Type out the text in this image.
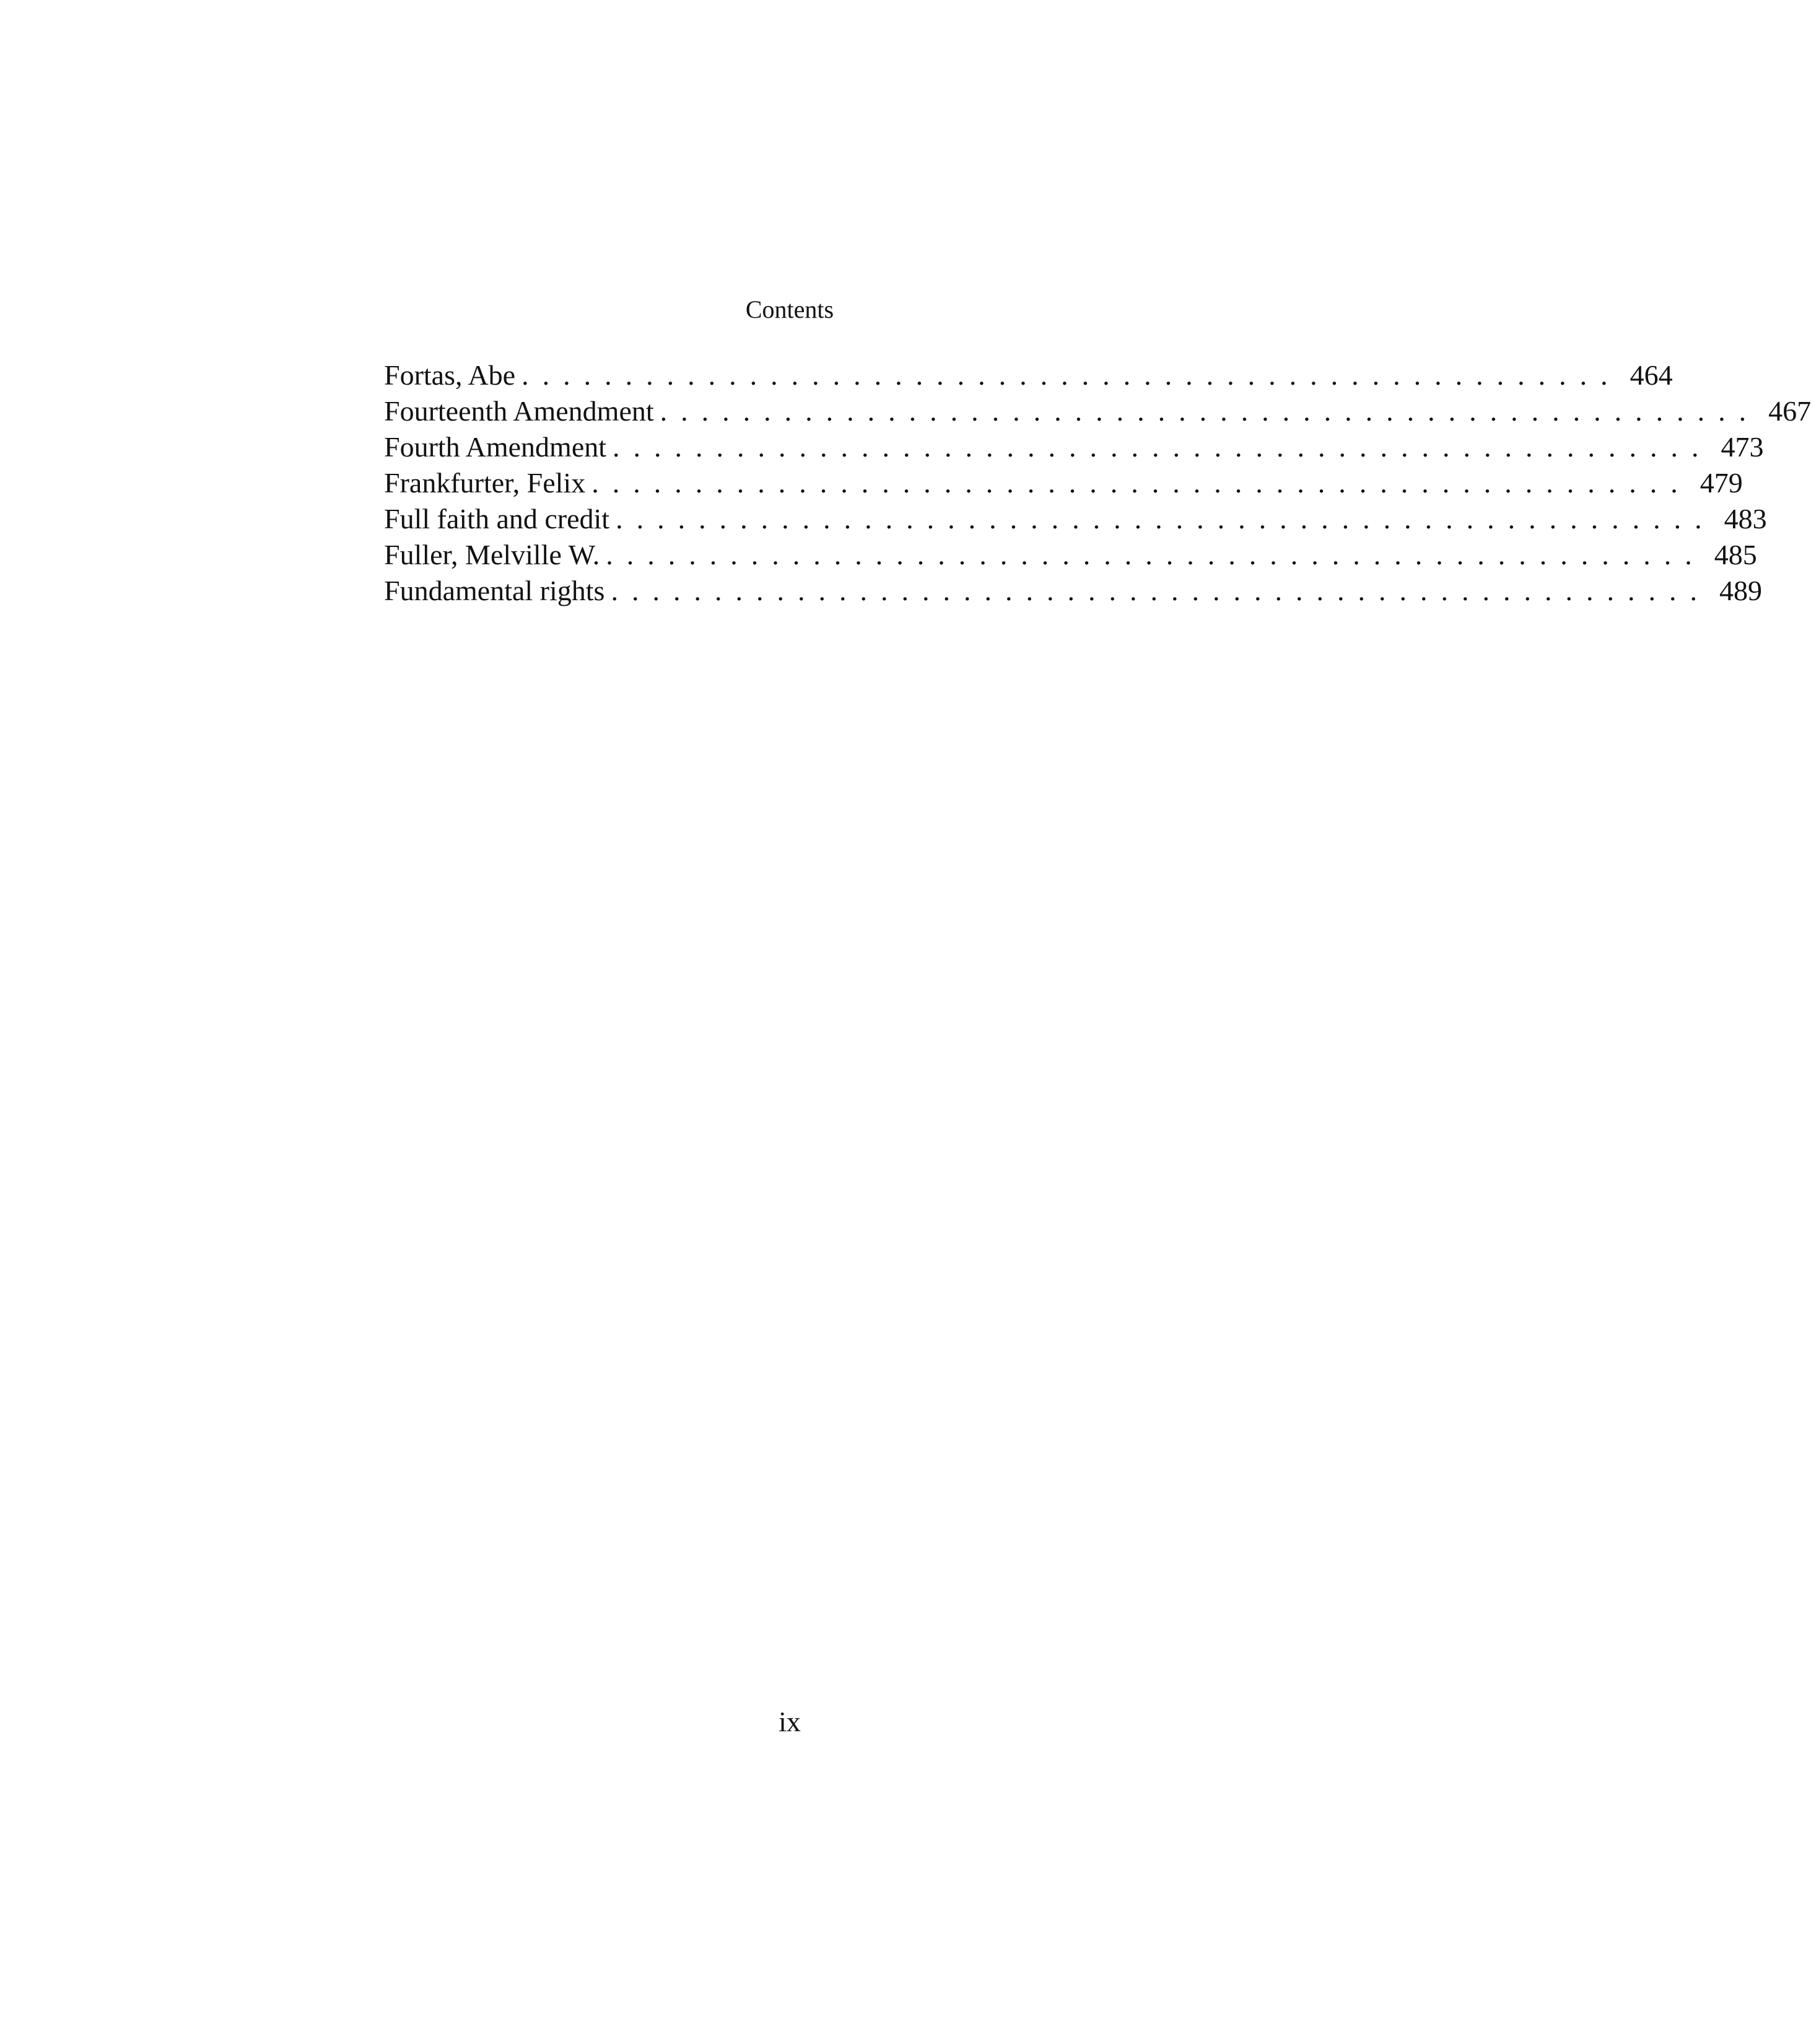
Contents
Fortas, Abe ..................................................... 464
Fourteenth Amendment ..................................................... 467
Fourth Amendment ..................................................... 473
Frankfurter, Felix ..................................................... 479
Full faith and credit ..................................................... 483
Fuller, Melville W. ..................................................... 485
Fundamental rights ..................................................... 489
ix
